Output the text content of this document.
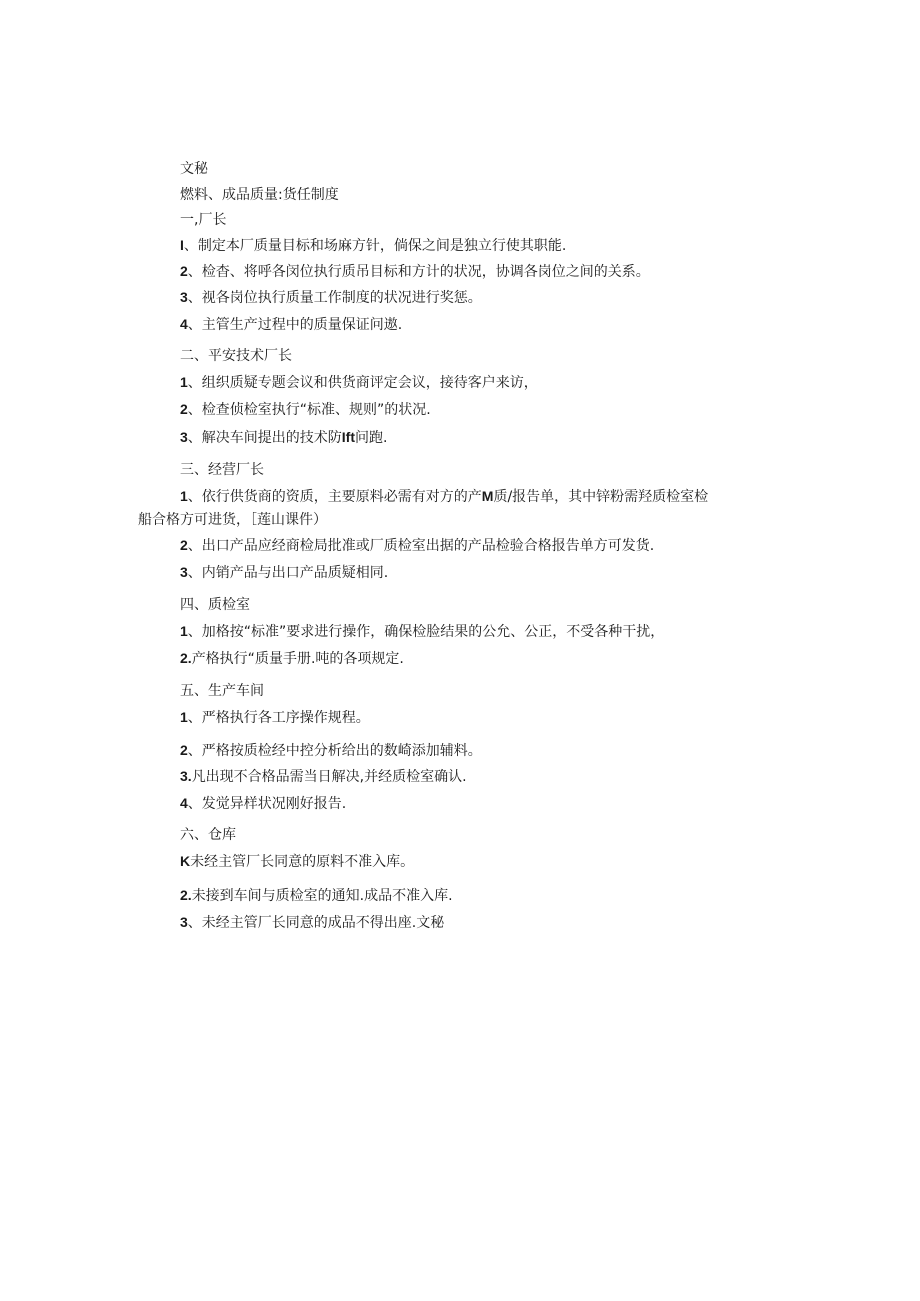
文秘
燃料、成品质量:货任制度
一,厂长
I、制定本厂质量目标和场麻方针，倘保之间是独立行使其职能.
2、检杳、将呼各闵位执行质吊目标和方计的状况，协调各岗位之间的关系。
3、视各岗位执行质量工作制度的状况进行奖惩。
4、主管生产过程中的质量保证问遨.
二、平安技术厂长
1、组织质疑专题会议和供货商评定会议，接待客户来访，
2、检查侦检室执行“标准、规则”的状况.
3、解决车间提出的技术防Ift问跑.
三、经营厂长
1、依行供货商的资质，主要原料必需有对方的产M质/报告单，其中锌粉需羟质检室检
船合格方可进货，［莲山课件）
2、出口产品应经商检局批准或厂质检室出据的产品检验合格报告单方可发货.
3、内销产品与出口产品质疑相同.
四、质检室
1、加格按“标准”要求进行操作，确保检脸结果的公允、公正，不受各种干扰，
2.产格执行“质量手册.吨的各项规定.
五、生产车间
1、严格执行各工序操作规程。
2、严格按质检经中控分析给出的数崎添加辅料。
3.凡出现不合格品需当日解决,并经质检室确认.
4、发觉异样状况刚好报告.
六、仓库
K未经主管厂长同意的原料不准入库。
2.未接到车间与质检室的通知.成品不准入库.
3、未经主管厂长同意的成品不得出座.文秘
